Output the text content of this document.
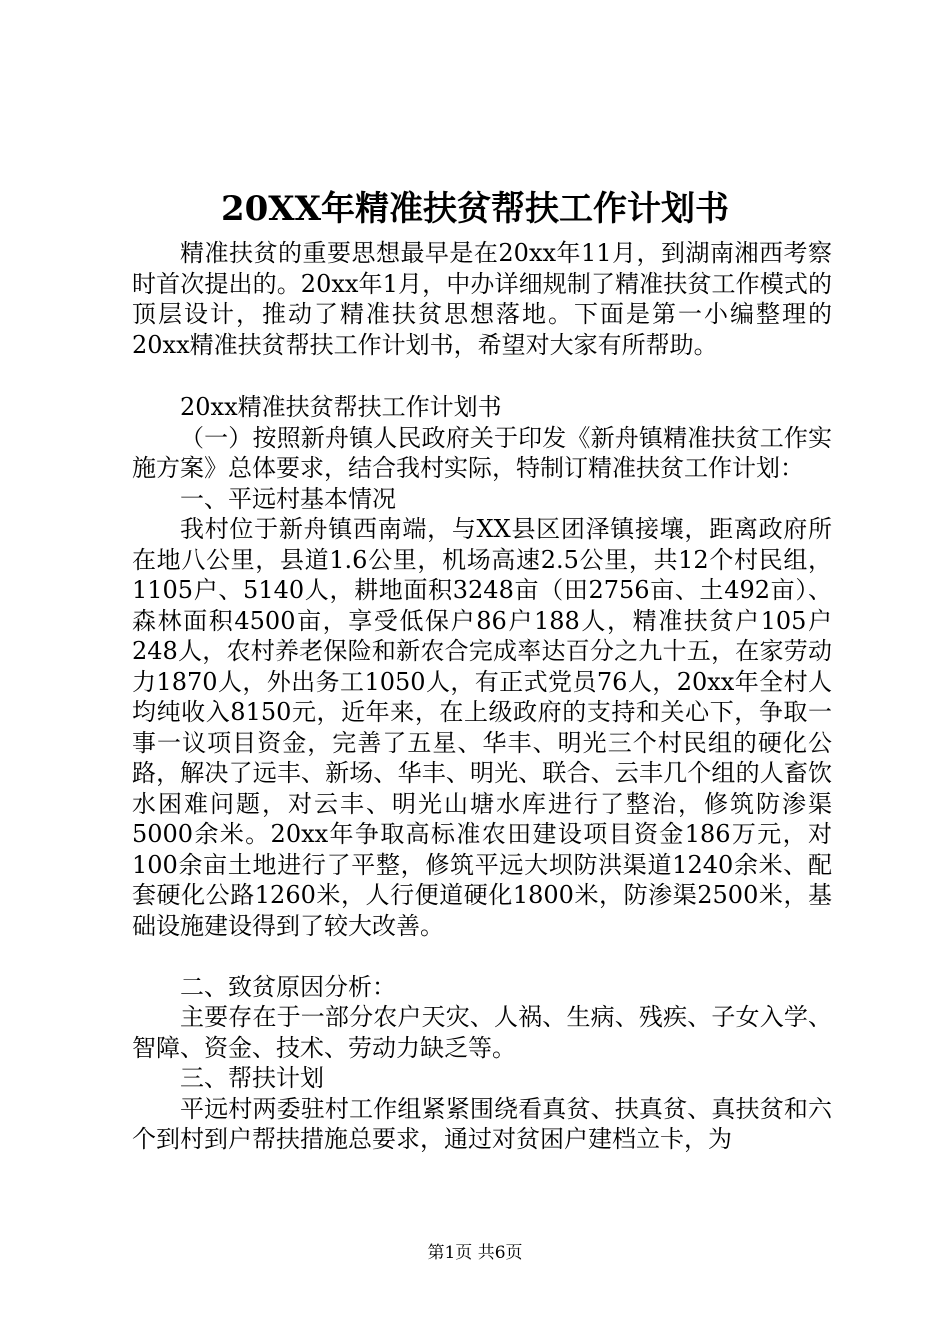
20XX年精准扶贫帮扶工作计划书

精准扶贫的重要思想最早是在20xx年11月，到湖南湘西考察时首次提出的。20xx年1月，中办详细规制了精准扶贫工作模式的顶层设计，推动了精准扶贫思想落地。下面是第一小编整理的20xx精准扶贫帮扶工作计划书，希望对大家有所帮助。

20xx精准扶贫帮扶工作计划书

（一）按照新舟镇人民政府关于印发《新舟镇精准扶贫工作实施方案》总体要求，结合我村实际，特制订精准扶贫工作计划：

一、平远村基本情况

我村位于新舟镇西南端，与XX县区团泽镇接壤，距离政府所在地八公里，县道1.6公里，机场高速2.5公里，共12个村民组，1105户、5140人，耕地面积3248亩（田2756亩、土492亩）、森林面积4500亩，享受低保户86户188人，精准扶贫户105户248人，农村养老保险和新农合完成率达百分之九十五，在家劳动力1870人，外出务工1050人，有正式党员76人，20xx年全村人均纯收入8150元，近年来，在上级政府的支持和关心下，争取一事一议项目资金，完善了五星、华丰、明光三个村民组的硬化公路，解决了远丰、新场、华丰、明光、联合、云丰几个组的人畜饮水困难问题，对云丰、明光山塘水库进行了整治，修筑防渗渠5000余米。20xx年争取高标准农田建设项目资金186万元，对100余亩土地进行了平整，修筑平远大坝防洪渠道1240余米、配套硬化公路1260米，人行便道硬化1800米，防渗渠2500米，基础设施建设得到了较大改善。

二、致贫原因分析：

主要存在于一部分农户天灾、人祸、生病、残疾、子女入学、智障、资金、技术、劳动力缺乏等。

三、帮扶计划

平远村两委驻村工作组紧紧围绕看真贫、扶真贫、真扶贫和六个到村到户帮扶措施总要求，通过对贫困户建档立卡，为

第1页 共6页
